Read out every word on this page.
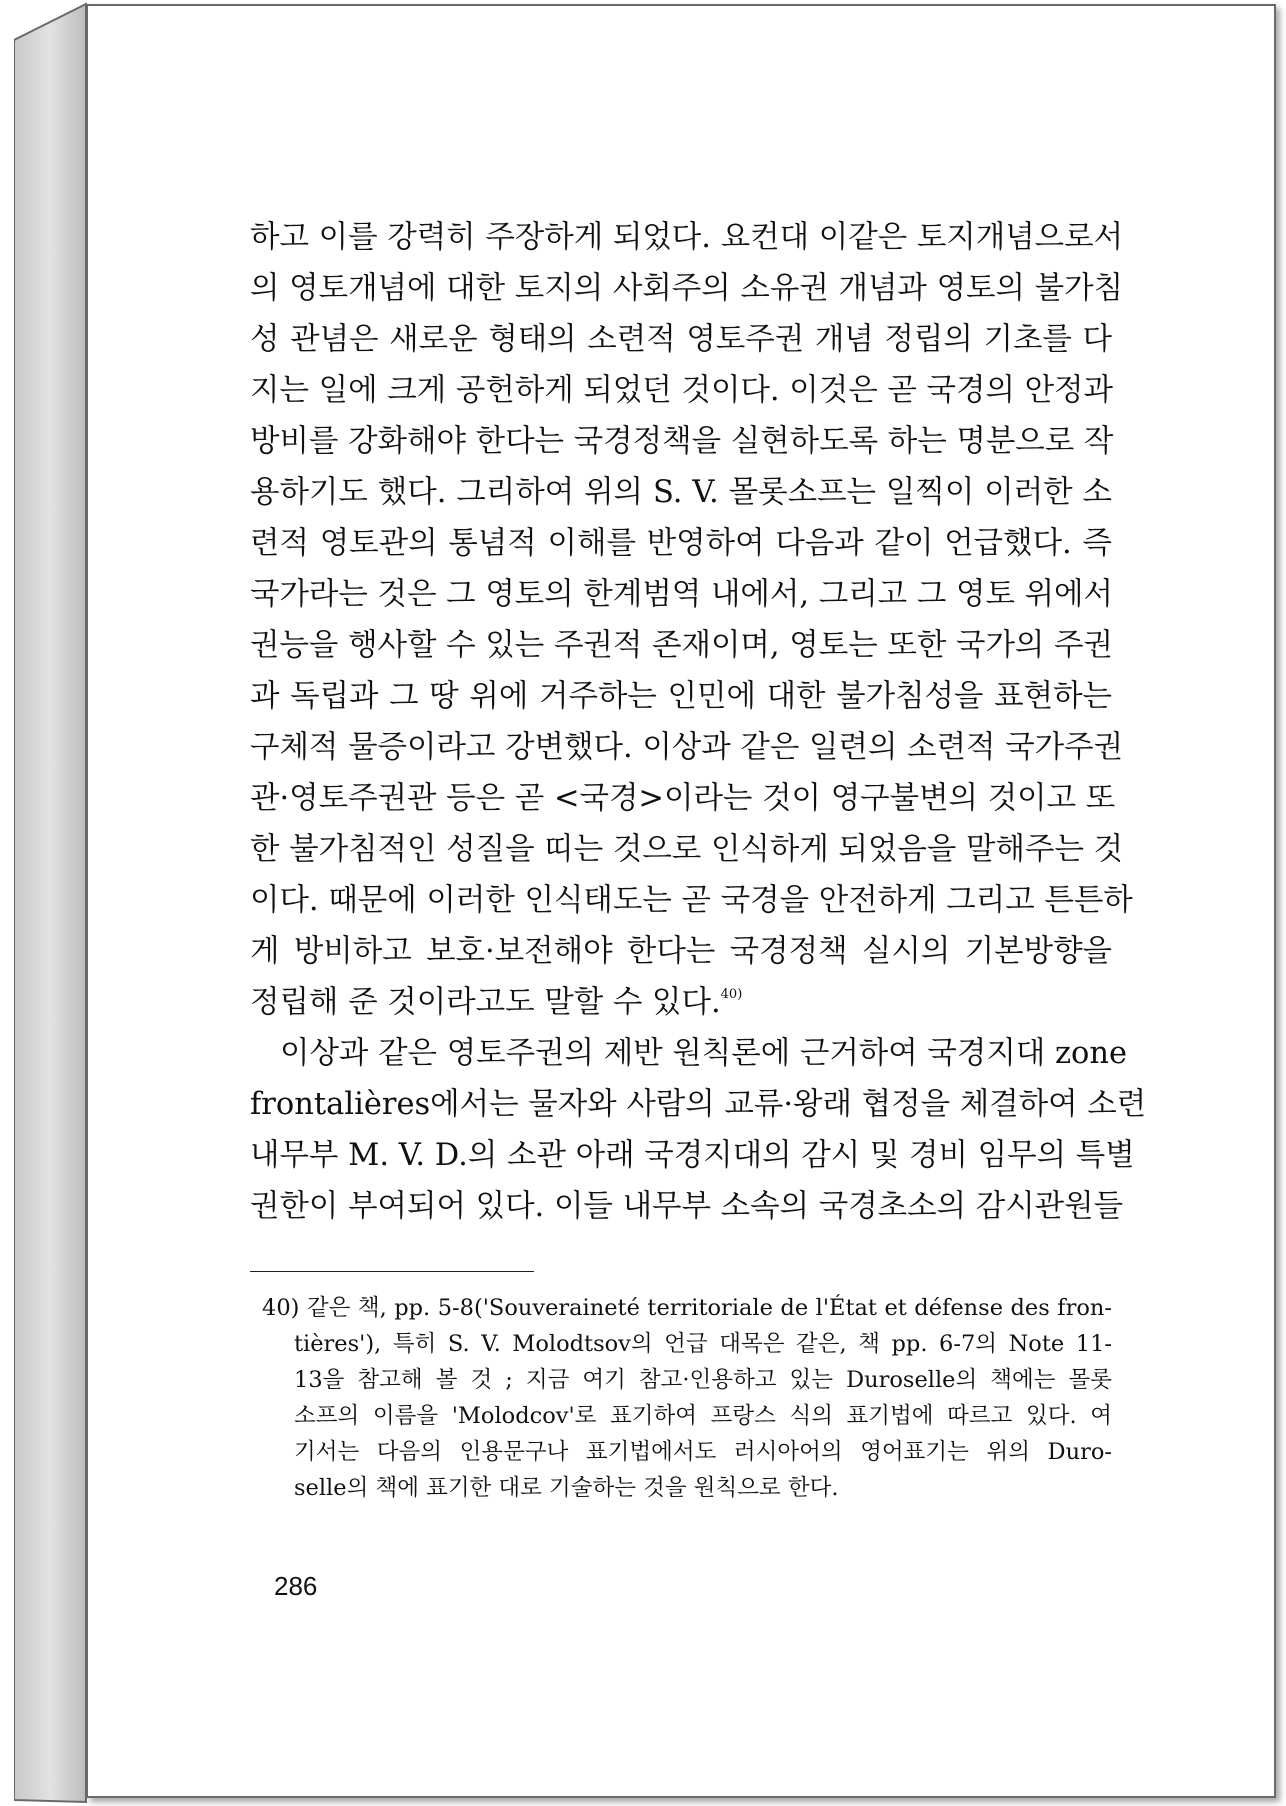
하고 이를 강력히 주장하게 되었다. 요컨대 이같은 토지개념으로서
의 영토개념에 대한 토지의 사회주의 소유권 개념과 영토의 불가침
성 관념은 새로운 형태의 소련적 영토주권 개념 정립의 기초를 다
지는 일에 크게 공헌하게 되었던 것이다. 이것은 곧 국경의 안정과
방비를 강화해야 한다는 국경정책을 실현하도록 하는 명분으로 작
용하기도 했다. 그리하여 위의 S. V. 몰롯소프는 일찍이 이러한 소
련적 영토관의 통념적 이해를 반영하여 다음과 같이 언급했다. 즉
국가라는 것은 그 영토의 한계범역 내에서, 그리고 그 영토 위에서
권능을 행사할 수 있는 주권적 존재이며, 영토는 또한 국가의 주권
과 독립과 그 땅 위에 거주하는 인민에 대한 불가침성을 표현하는
구체적 물증이라고 강변했다. 이상과 같은 일련의 소련적 국가주권
관·영토주권관 등은 곧 <국경>이라는 것이 영구불변의 것이고 또
한 불가침적인 성질을 띠는 것으로 인식하게 되었음을 말해주는 것
이다. 때문에 이러한 인식태도는 곧 국경을 안전하게 그리고 튼튼하
게 방비하고 보호·보전해야 한다는 국경정책 실시의 기본방향을
정립해 준 것이라고도 말할 수 있다.$^{40)}$
이상과 같은 영토주권의 제반 원칙론에 근거하여 국경지대 zone
frontalières에서는 물자와 사람의 교류·왕래 협정을 체결하여 소련
내무부 M. V. D.의 소관 아래 국경지대의 감시 및 경비 임무의 특별
권한이 부여되어 있다. 이들 내무부 소속의 국경초소의 감시관원들
40) 같은 책, pp. 5-8('Souveraineté territoriale de l'État et défense des fron-
tières'), 특히 S. V. Molodtsov의 언급 대목은 같은, 책 pp. 6-7의 Note 11-
13을 참고해 볼 것 ; 지금 여기 참고·인용하고 있는 Duroselle의 책에는 몰롯
소프의 이름을 'Molodcov'로 표기하여 프랑스 식의 표기법에 따르고 있다. 여
기서는 다음의 인용문구나 표기법에서도 러시아어의 영어표기는 위의 Duro-
selle의 책에 표기한 대로 기술하는 것을 원칙으로 한다.
286
